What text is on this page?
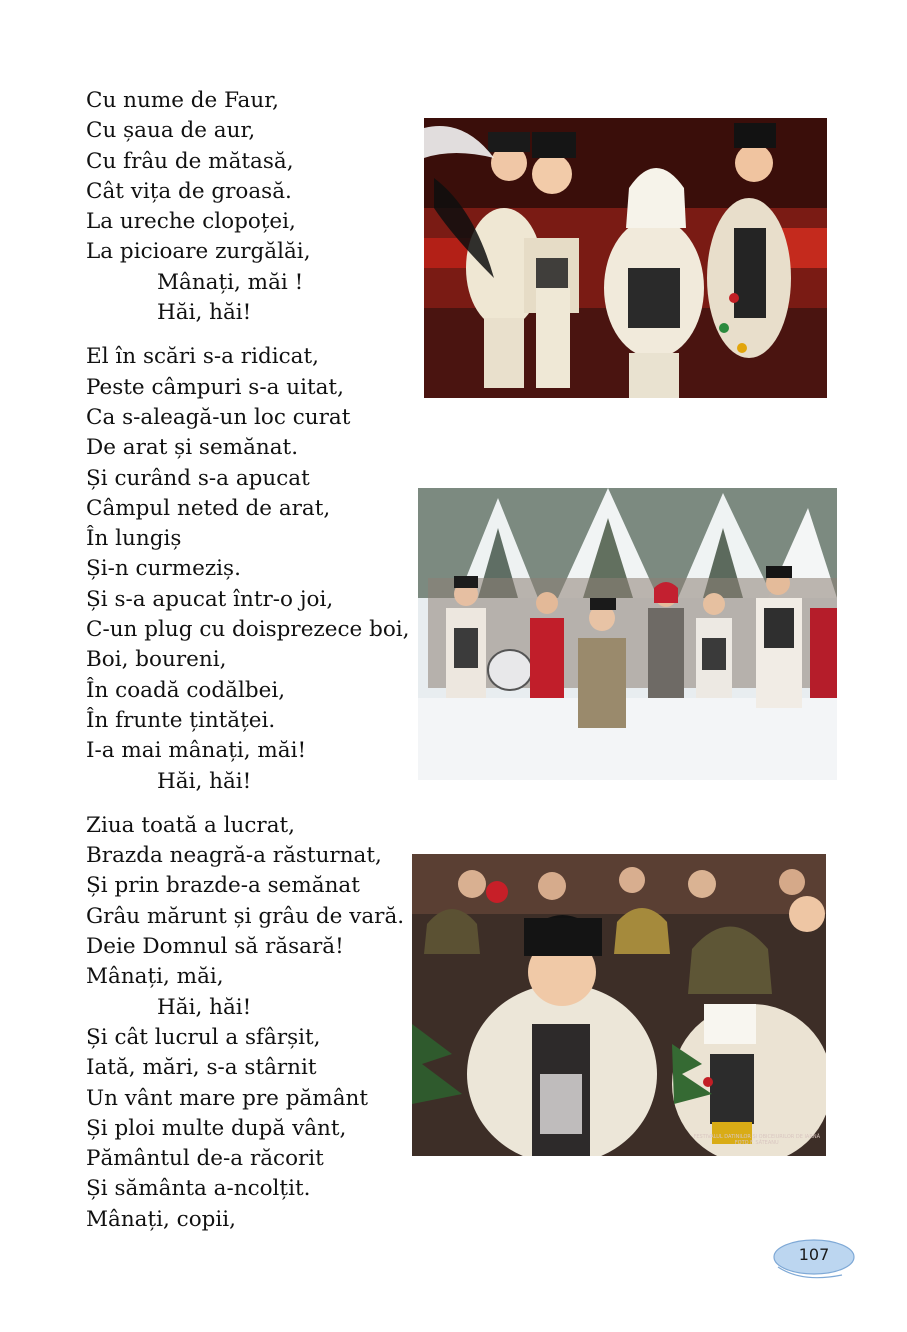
Cu nume de Faur,
Cu șaua de aur,
Cu frâu de mătasă,
Cât vița de groasă.
La ureche clopoței,
La picioare zurgălăi,
Mânați, măi !
Hăi, hăi!
El în scări s-a ridicat,
Peste câmpuri s-a uitat,
Ca s-aleagă-un loc curat
De arat și semănat.
Și curând s-a apucat
Câmpul neted de arat,
În lungiș
Și-n curmeziș.
Și s-a apucat într-o joi,
C-un plug cu doisprezece boi,
Boi, boureni,
În coadă codălbei,
În frunte țintăței.
I-a mai mânați, măi!
Hăi, hăi!
Ziua toată a lucrat,
Brazda neagră-a răsturnat,
Și prin brazde-a semănat
Grâu mărunt și grâu de vară.
Deie Domnul să răsară!
Mânați, măi,
Hăi, hăi!
Și cât lucrul a sfârșit,
Iată, mări, s-a stârnit
Un vânt mare pre pământ
Și ploi multe după vânt,
Pământul de-a răcorit
Și sământa a-ncolțit.
Mânați, copii,
FESTIVALUL DATINILOR ȘI OBICEIURILOR DE IARNĂ
FOTO F. SĂTEANU
107
